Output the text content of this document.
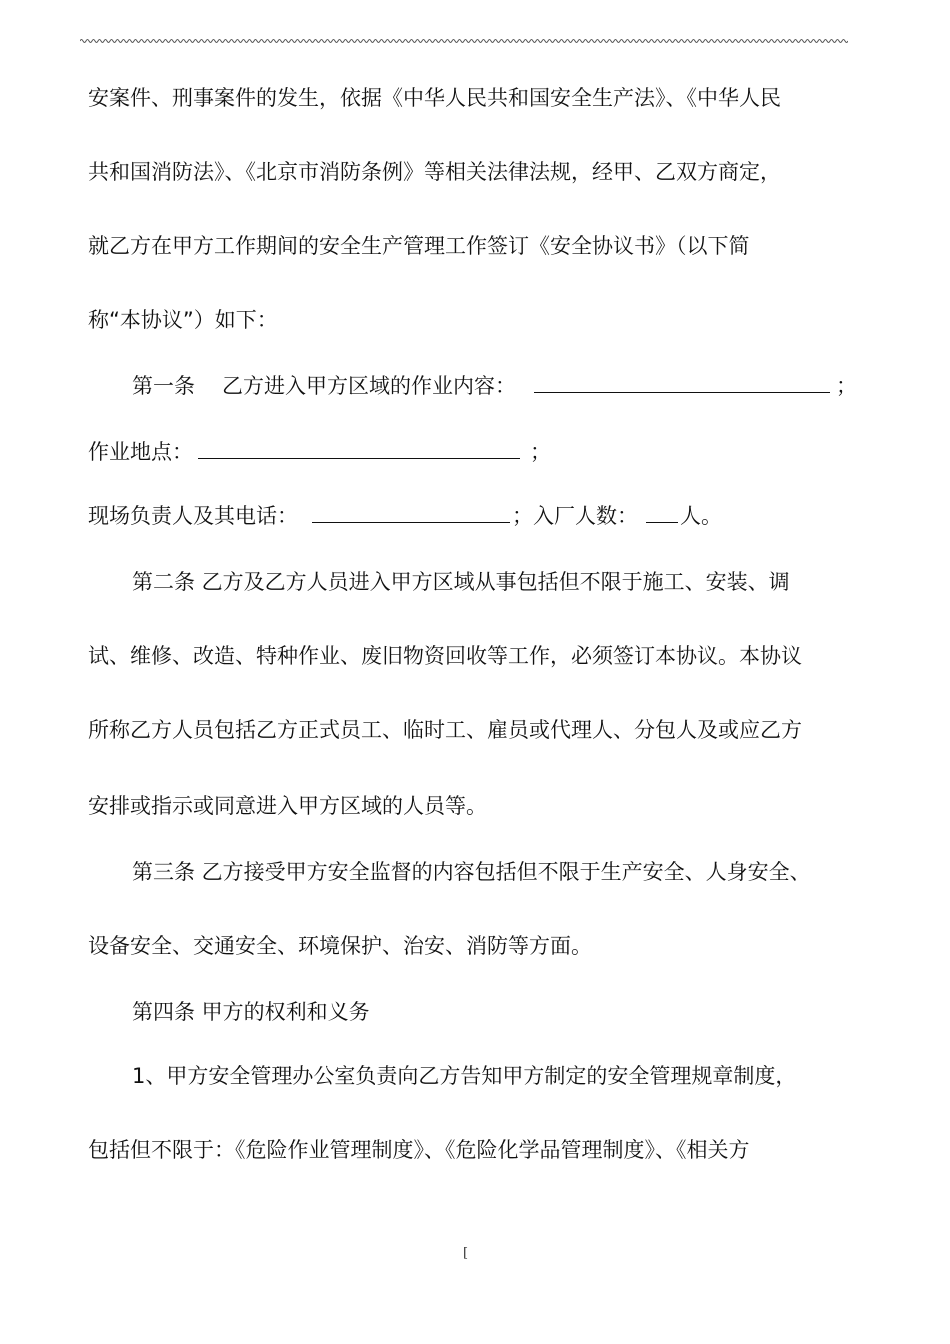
安案件、刑事案件的发生，依据《中华人民共和国安全生产法》、《中华人民
共和国消防法》、《北京市消防条例》等相关法律法规，经甲、乙双方商定，
就乙方在甲方工作期间的安全生产管理工作签订《安全协议书》（以下简
称“本协议”）如下：
第一条 乙方进入甲方区域的作业内容：	；
作业地点：	；
现场负责人及其电话：	；入厂人数： 人。
第二条 乙方及乙方人员进入甲方区域从事包括但不限于施工、安装、调
试、维修、改造、特种作业、废旧物资回收等工作，必须签订本协议。本协议
所称乙方人员包括乙方正式员工、临时工、雇员或代理人、分包人及或应乙方
安排或指示或同意进入甲方区域的人员等。
第三条 乙方接受甲方安全监督的内容包括但不限于生产安全、人身安全、
设备安全、交通安全、环境保护、治安、消防等方面。
第四条 甲方的权利和义务
1、甲方安全管理办公室负责向乙方告知甲方制定的安全管理规章制度，
包括但不限于：《危险作业管理制度》、《危险化学品管理制度》、《相关方
[
